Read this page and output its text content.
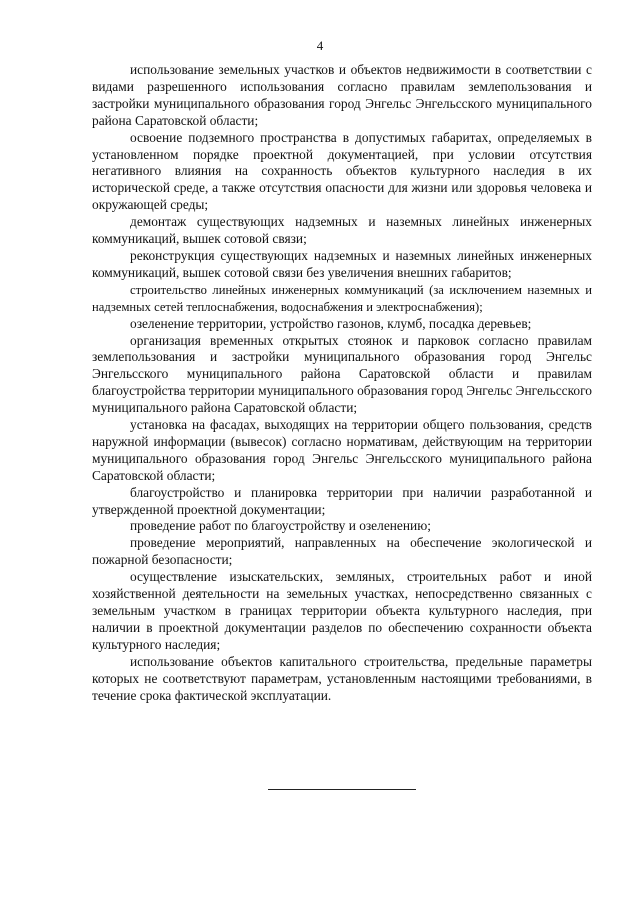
4

использование земельных участков и объектов недвижимости в соответствии с видами разрешенного использования согласно правилам землепользования и застройки муниципального образования город Энгельс Энгельсского муниципального района Саратовской области;

освоение подземного пространства в допустимых габаритах, определяемых в установленном порядке проектной документацией, при условии отсутствия негативного влияния на сохранность объектов культурного наследия в их исторической среде, а также отсутствия опасности для жизни или здоровья человека и окружающей среды;

демонтаж существующих надземных и наземных линейных инженерных коммуникаций, вышек сотовой связи;

реконструкция существующих надземных и наземных линейных инженерных коммуникаций, вышек сотовой связи без увеличения внешних габаритов;

строительство линейных инженерных коммуникаций (за исключением наземных и надземных сетей теплоснабжения, водоснабжения и электроснабжения);

озеленение территории, устройство газонов, клумб, посадка деревьев;

организация временных открытых стоянок и парковок согласно правилам землепользования и застройки муниципального образования город Энгельс Энгельсского муниципального района Саратовской области и правилам благоустройства территории муниципального образования город Энгельс Энгельсского муниципального района Саратовской области;

установка на фасадах, выходящих на территории общего пользования, средств наружной информации (вывесок) согласно нормативам, действующим на территории муниципального образования город Энгельс Энгельсского муниципального района Саратовской области;

благоустройство и планировка территории при наличии разработанной и утвержденной проектной документации;

проведение работ по благоустройству и озеленению;

проведение мероприятий, направленных на обеспечение экологической и пожарной безопасности;

осуществление изыскательских, земляных, строительных работ и иной хозяйственной деятельности на земельных участках, непосредственно связанных с земельным участком в границах территории объекта культурного наследия, при наличии в проектной документации разделов по обеспечению сохранности объекта культурного наследия;

использование объектов капитального строительства, предельные параметры которых не соответствуют параметрам, установленным настоящими требованиями, в течение срока фактической эксплуатации.
